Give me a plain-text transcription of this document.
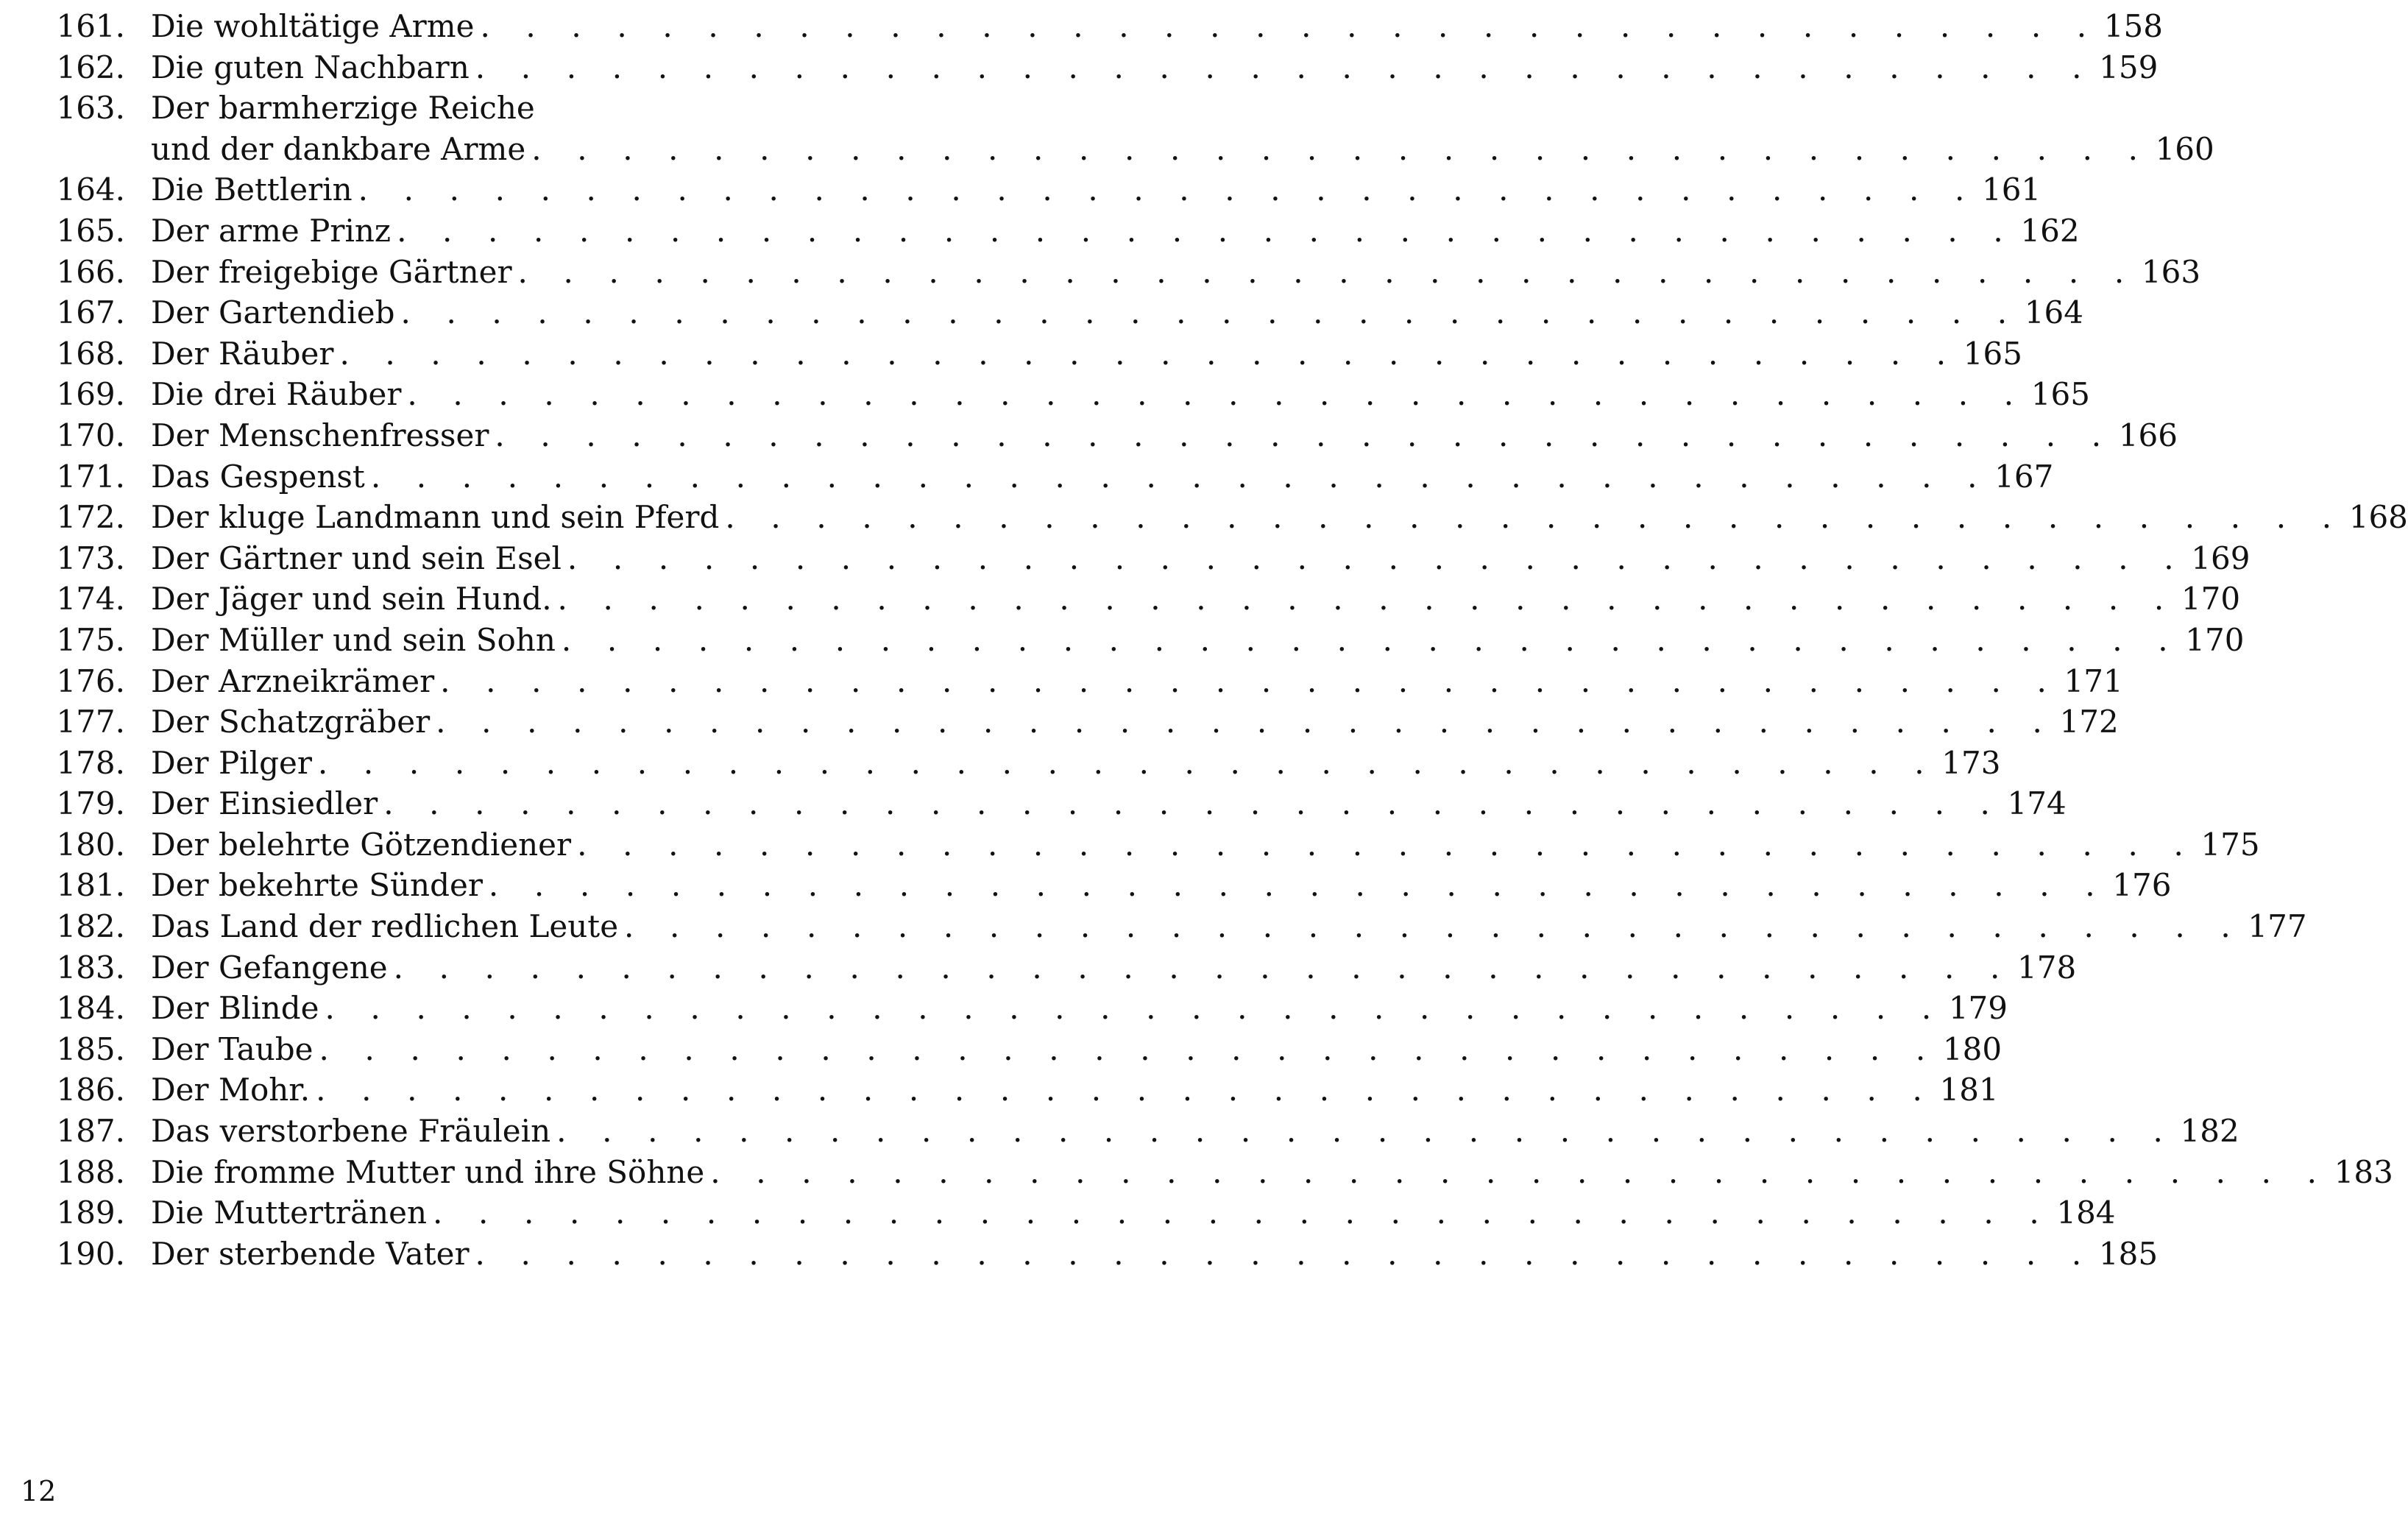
161. Die wohltätige Arme . . . . . . . . . . . . . . . . . . . . . . . . . . . . . . . . . . . . 158
162. Die guten Nachbarn . . . . . . . . . . . . . . . . . . . . . . . . . . . . . . . . . . . . 159
163. Der barmherzige Reiche
und der dankbare Arme . . . . . . . . . . . . . . . . . . . . . . . . . . . . . . . . . . . . 160
164. Die Bettlerin . . . . . . . . . . . . . . . . . . . . . . . . . . . . . . . . . . . . 161
165. Der arme Prinz . . . . . . . . . . . . . . . . . . . . . . . . . . . . . . . . . . . . 162
166. Der freigebige Gärtner . . . . . . . . . . . . . . . . . . . . . . . . . . . . . . . . . . . . 163
167. Der Gartendieb . . . . . . . . . . . . . . . . . . . . . . . . . . . . . . . . . . . . 164
168. Der Räuber . . . . . . . . . . . . . . . . . . . . . . . . . . . . . . . . . . . . 165
169. Die drei Räuber . . . . . . . . . . . . . . . . . . . . . . . . . . . . . . . . . . . . 165
170. Der Menschenfresser . . . . . . . . . . . . . . . . . . . . . . . . . . . . . . . . . . . . 166
171. Das Gespenst . . . . . . . . . . . . . . . . . . . . . . . . . . . . . . . . . . . . 167
172. Der kluge Landmann und sein Pferd . . . . . . . . . . . . . . . . . . . . . . . . . . . . . . . . . . . . 168
173. Der Gärtner und sein Esel . . . . . . . . . . . . . . . . . . . . . . . . . . . . . . . . . . . . 169
174. Der Jäger und sein Hund. . . . . . . . . . . . . . . . . . . . . . . . . . . . . . . . . . . . . 170
175. Der Müller und sein Sohn . . . . . . . . . . . . . . . . . . . . . . . . . . . . . . . . . . . . 170
176. Der Arzneikrämer . . . . . . . . . . . . . . . . . . . . . . . . . . . . . . . . . . . . 171
177. Der Schatzgräber . . . . . . . . . . . . . . . . . . . . . . . . . . . . . . . . . . . . 172
178. Der Pilger . . . . . . . . . . . . . . . . . . . . . . . . . . . . . . . . . . . . 173
179. Der Einsiedler . . . . . . . . . . . . . . . . . . . . . . . . . . . . . . . . . . . . 174
180. Der belehrte Götzendiener . . . . . . . . . . . . . . . . . . . . . . . . . . . . . . . . . . . . 175
181. Der bekehrte Sünder . . . . . . . . . . . . . . . . . . . . . . . . . . . . . . . . . . . . 176
182. Das Land der redlichen Leute . . . . . . . . . . . . . . . . . . . . . . . . . . . . . . . . . . . . 177
183. Der Gefangene . . . . . . . . . . . . . . . . . . . . . . . . . . . . . . . . . . . . 178
184. Der Blinde . . . . . . . . . . . . . . . . . . . . . . . . . . . . . . . . . . . . 179
185. Der Taube . . . . . . . . . . . . . . . . . . . . . . . . . . . . . . . . . . . . 180
186. Der Mohr. . . . . . . . . . . . . . . . . . . . . . . . . . . . . . . . . . . . . 181
187. Das verstorbene Fräulein . . . . . . . . . . . . . . . . . . . . . . . . . . . . . . . . . . . . 182
188. Die fromme Mutter und ihre Söhne . . . . . . . . . . . . . . . . . . . . . . . . . . . . . . . . . . . . 183
189. Die Muttertränen . . . . . . . . . . . . . . . . . . . . . . . . . . . . . . . . . . . . 184
190. Der sterbende Vater . . . . . . . . . . . . . . . . . . . . . . . . . . . . . . . . . . . . 185
12
